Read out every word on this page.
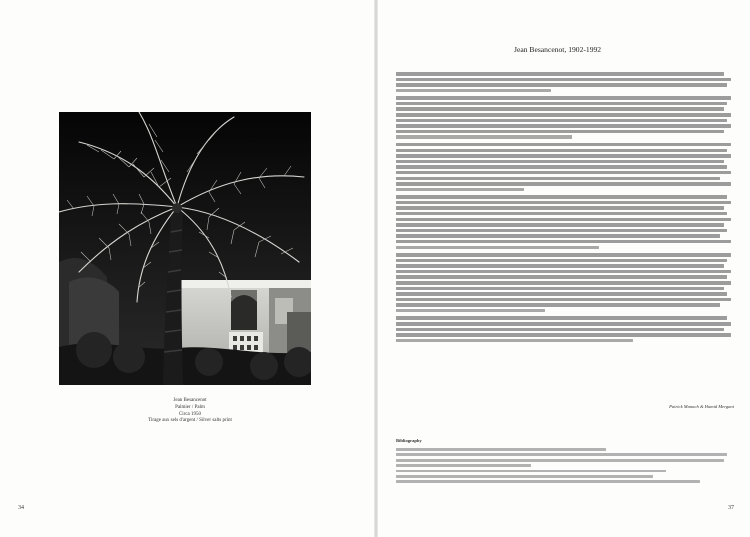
Jean Besancenot
Palmier / Palm
Circa 1950
Tirage aux sels d'argent / Silver salts print
34
Jean Besancenot, 1902-1992
Patrick Manach & Hamid Mergani
Bibliography
37
